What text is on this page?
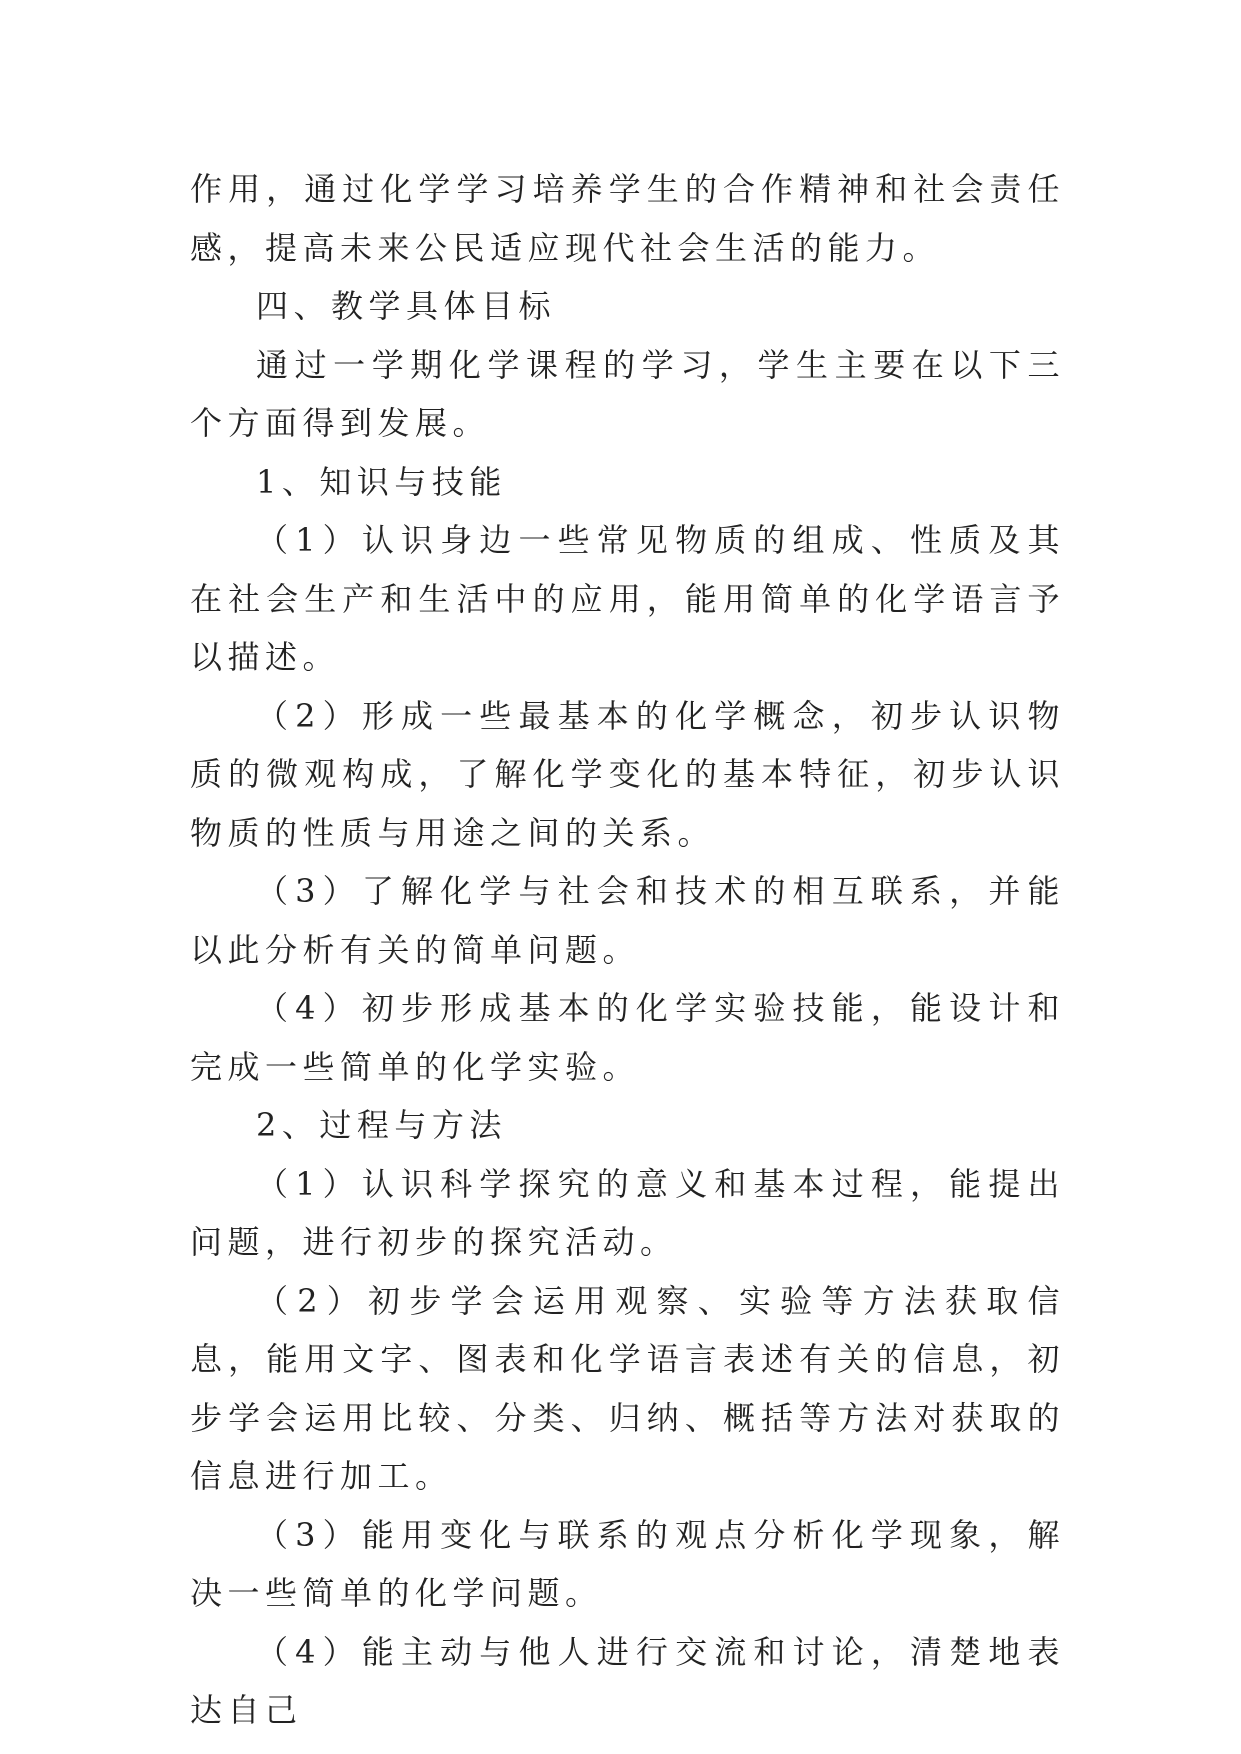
作用，通过化学学习培养学生的合作精神和社会责任感，提高未来公民适应现代社会生活的能力。

四、教学具体目标

通过一学期化学课程的学习，学生主要在以下三个方面得到发展。

1、知识与技能

（1）认识身边一些常见物质的组成、性质及其在社会生产和生活中的应用，能用简单的化学语言予以描述。

（2）形成一些最基本的化学概念，初步认识物质的微观构成，了解化学变化的基本特征，初步认识物质的性质与用途之间的关系。

（3）了解化学与社会和技术的相互联系，并能以此分析有关的简单问题。

（4）初步形成基本的化学实验技能，能设计和完成一些简单的化学实验。

2、过程与方法

（1）认识科学探究的意义和基本过程，能提出问题，进行初步的探究活动。

（2）初步学会运用观察、实验等方法获取信息，能用文字、图表和化学语言表述有关的信息，初步学会运用比较、分类、归纳、概括等方法对获取的信息进行加工。

（3）能用变化与联系的观点分析化学现象，解决一些简单的化学问题。

（4）能主动与他人进行交流和讨论，清楚地表达自己
